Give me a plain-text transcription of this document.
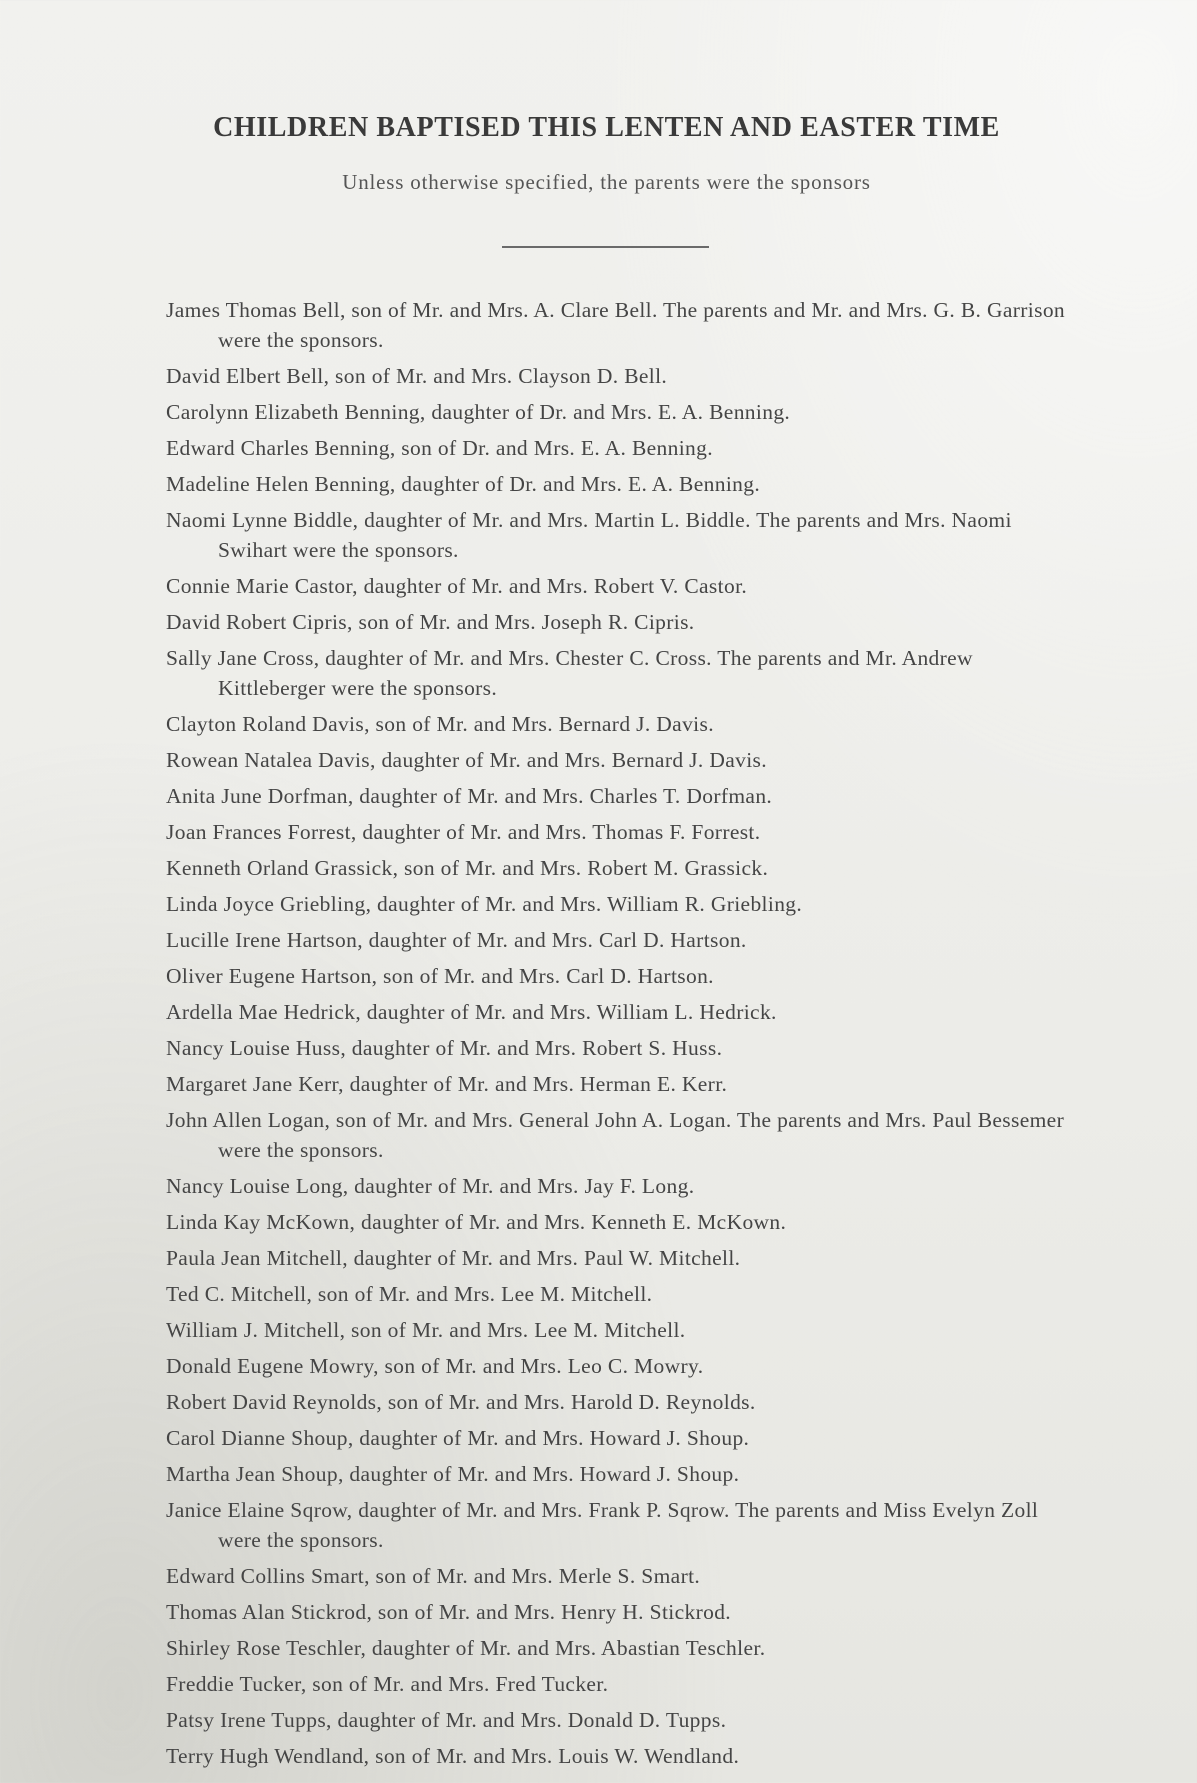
CHILDREN BAPTISED THIS LENTEN AND EASTER TIME
Unless otherwise specified, the parents were the sponsors
James Thomas Bell, son of Mr. and Mrs. A. Clare Bell. The parents and Mr. and Mrs. G. B. Garrison were the sponsors.
David Elbert Bell, son of Mr. and Mrs. Clayson D. Bell.
Carolynn Elizabeth Benning, daughter of Dr. and Mrs. E. A. Benning.
Edward Charles Benning, son of Dr. and Mrs. E. A. Benning.
Madeline Helen Benning, daughter of Dr. and Mrs. E. A. Benning.
Naomi Lynne Biddle, daughter of Mr. and Mrs. Martin L. Biddle. The parents and Mrs. Naomi Swihart were the sponsors.
Connie Marie Castor, daughter of Mr. and Mrs. Robert V. Castor.
David Robert Cipris, son of Mr. and Mrs. Joseph R. Cipris.
Sally Jane Cross, daughter of Mr. and Mrs. Chester C. Cross. The parents and Mr. Andrew Kittleberger were the sponsors.
Clayton Roland Davis, son of Mr. and Mrs. Bernard J. Davis.
Rowean Natalea Davis, daughter of Mr. and Mrs. Bernard J. Davis.
Anita June Dorfman, daughter of Mr. and Mrs. Charles T. Dorfman.
Joan Frances Forrest, daughter of Mr. and Mrs. Thomas F. Forrest.
Kenneth Orland Grassick, son of Mr. and Mrs. Robert M. Grassick.
Linda Joyce Griebling, daughter of Mr. and Mrs. William R. Griebling.
Lucille Irene Hartson, daughter of Mr. and Mrs. Carl D. Hartson.
Oliver Eugene Hartson, son of Mr. and Mrs. Carl D. Hartson.
Ardella Mae Hedrick, daughter of Mr. and Mrs. William L. Hedrick.
Nancy Louise Huss, daughter of Mr. and Mrs. Robert S. Huss.
Margaret Jane Kerr, daughter of Mr. and Mrs. Herman E. Kerr.
John Allen Logan, son of Mr. and Mrs. General John A. Logan. The parents and Mrs. Paul Bessemer were the sponsors.
Nancy Louise Long, daughter of Mr. and Mrs. Jay F. Long.
Linda Kay McKown, daughter of Mr. and Mrs. Kenneth E. McKown.
Paula Jean Mitchell, daughter of Mr. and Mrs. Paul W. Mitchell.
Ted C. Mitchell, son of Mr. and Mrs. Lee M. Mitchell.
William J. Mitchell, son of Mr. and Mrs. Lee M. Mitchell.
Donald Eugene Mowry, son of Mr. and Mrs. Leo C. Mowry.
Robert David Reynolds, son of Mr. and Mrs. Harold D. Reynolds.
Carol Dianne Shoup, daughter of Mr. and Mrs. Howard J. Shoup.
Martha Jean Shoup, daughter of Mr. and Mrs. Howard J. Shoup.
Janice Elaine Sqrow, daughter of Mr. and Mrs. Frank P. Sqrow. The parents and Miss Evelyn Zoll were the sponsors.
Edward Collins Smart, son of Mr. and Mrs. Merle S. Smart.
Thomas Alan Stickrod, son of Mr. and Mrs. Henry H. Stickrod.
Shirley Rose Teschler, daughter of Mr. and Mrs. Abastian Teschler.
Freddie Tucker, son of Mr. and Mrs. Fred Tucker.
Patsy Irene Tupps, daughter of Mr. and Mrs. Donald D. Tupps.
Terry Hugh Wendland, son of Mr. and Mrs. Louis W. Wendland.
